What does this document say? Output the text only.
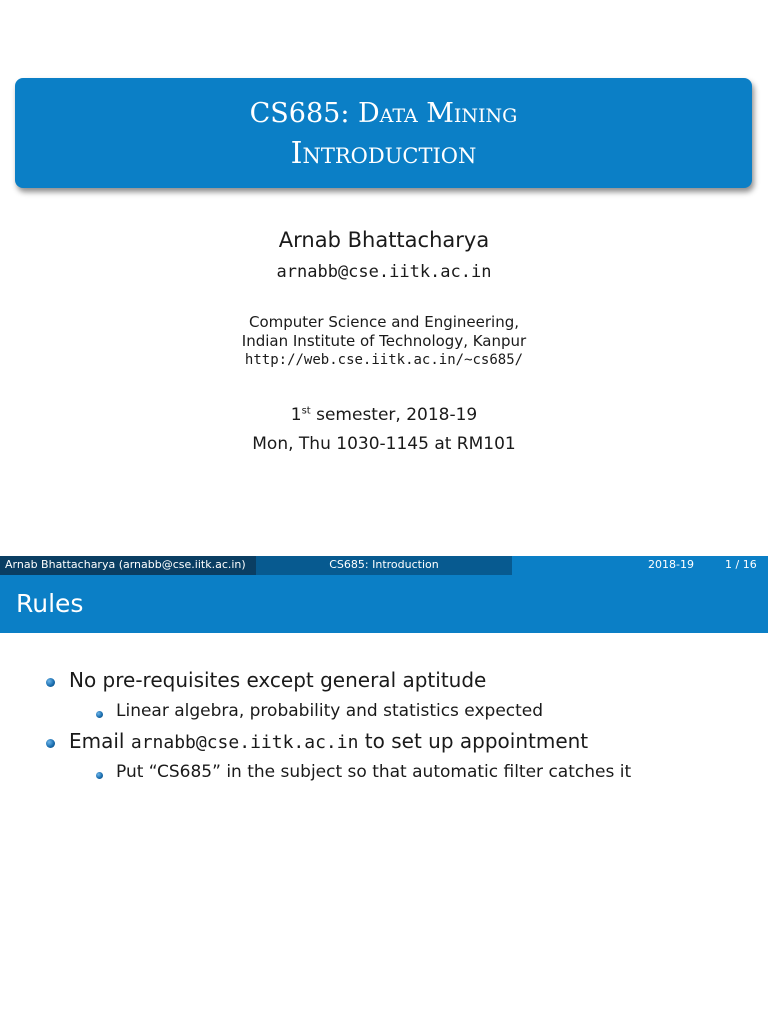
CS685: Data Mining
Introduction
Arnab Bhattacharya
arnabb@cse.iitk.ac.in
Computer Science and Engineering,
Indian Institute of Technology, Kanpur
http://web.cse.iitk.ac.in/~cs685/
1st semester, 2018-19
Mon, Thu 1030-1145 at RM101
Arnab Bhattacharya (arnabb@cse.iitk.ac.in)	CS685: Introduction	2018-19	1 / 16
Rules
No pre-requisites except general aptitude
Linear algebra, probability and statistics expected
Email arnabb@cse.iitk.ac.in to set up appointment
Put “CS685” in the subject so that automatic filter catches it
